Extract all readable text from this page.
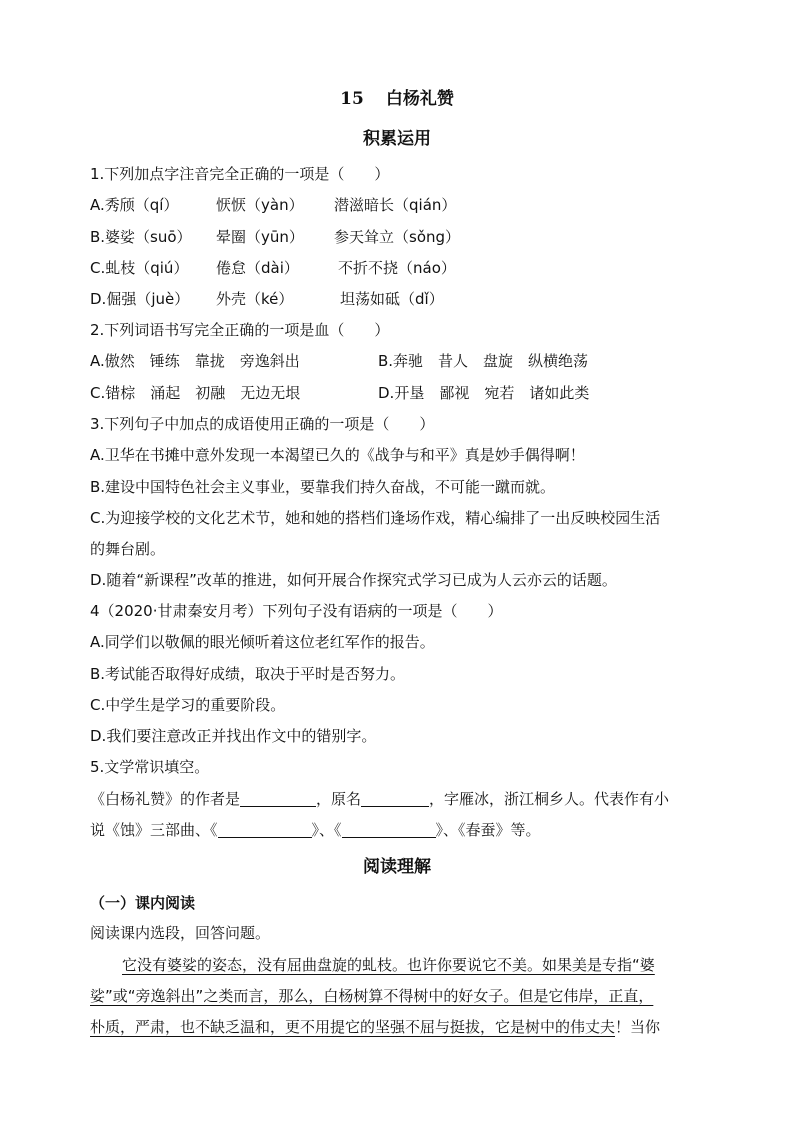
15 白杨礼赞
积累运用
1.下列加点字注音完全正确的一项是（　　）
A.秀颀（qí）	恹恹（yàn） 潜滋暗长（qián）
B.婆娑（suō） 晕圈（yūn） 参天耸立（sǒng）
C.虬枝（qiú） 倦怠（dài）	不折不挠（náo）
D.倔强（juè） 外壳（ké）	坦荡如砥（dǐ）
2.下列词语书写完全正确的一项是血（　　）
A.傲然　锤练　靠拢　旁逸斜出	B.奔驰　昔人　盘旋　纵横绝荡
C.错棕　涌起　初融　无边无垠	D.开垦　鄙视　宛若　诸如此类
3.下列句子中加点的成语使用正确的一项是（　　）
A.卫华在书摊中意外发现一本渴望已久的《战争与和平》真是妙手偶得啊！
B.建设中国特色社会主义事业，要靠我们持久奋战，不可能一蹴而就。
C.为迎接学校的文化艺术节，她和她的搭档们逢场作戏，精心编排了一出反映校园生活
的舞台剧。
D.随着“新课程”改革的推进，如何开展合作探究式学习已成为人云亦云的话题。
4（2020·甘肃秦安月考）下列句子没有语病的一项是（　　）
A.同学们以敬佩的眼光倾听着这位老红军作的报告。
B.考试能否取得好成绩，取决于平时是否努力。
C.中学生是学习的重要阶段。
D.我们要注意改正并找出作文中的错别字。
5.文学常识填空。
《白杨礼赞》的作者是	，原名	，字雁冰，浙江桐乡人。代表作有小
说《蚀》三部曲、《	》、《	》、《春蚕》等。
阅读理解
（一）课内阅读
阅读课内选段，回答问题。
它没有婆娑的姿态，没有屈曲盘旋的虬枝。也许你要说它不美。如果美是专指“婆
娑”或“旁逸斜出”之类而言，那么，白杨树算不得树中的好女子。但是它伟岸，正直，
朴质，严肃，也不缺乏温和，更不用提它的坚强不屈与挺拔，它是树中的伟丈夫！当你
